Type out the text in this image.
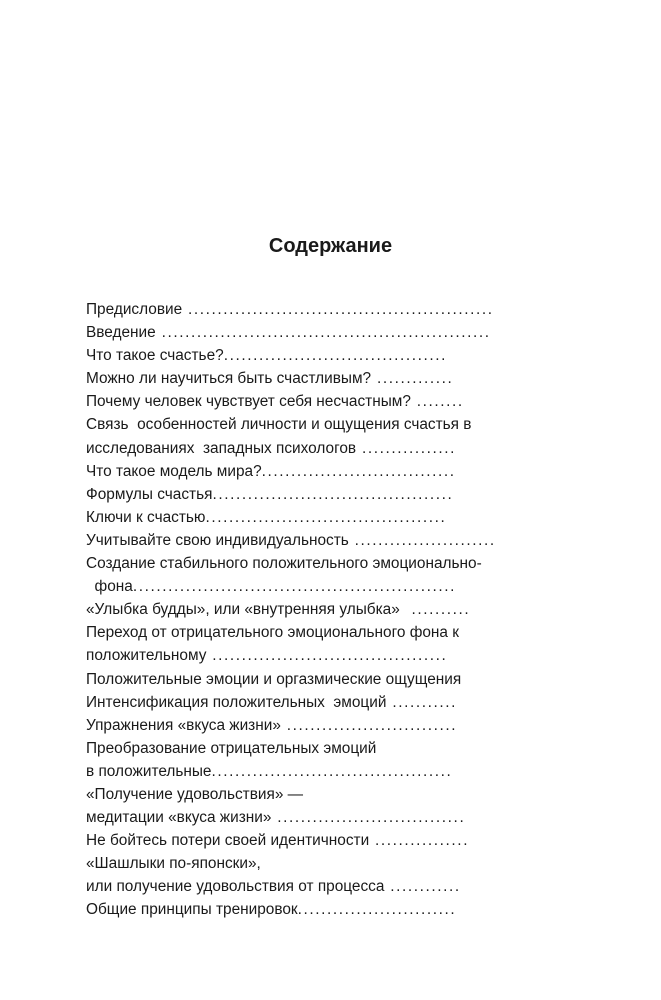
Содержание
Предисловие ....................................................
Введение ........................................................
Что такое счастье?......................................
Можно ли научиться быть счастливым? .............
Почему человек чувствует себя несчастным? ........
Связь  особенностей личности и ощущения счастья в
исследованиях  западных психологов ................
Что такое модель мира?.................................
Формулы счастья.........................................
Ключи к счастью.........................................
Учитывайте свою индивидуальность ........................
Создание стабильного положительного эмоционально-
фона.......................................................
«Улыбка будды», или «внутренняя улыбка»  ..........
Переход от отрицательного эмоционального фона к
положительному ........................................
Положительные эмоции и оргазмические ощущения
Интенсификация положительных  эмоций ...........
Упражнения «вкуса жизни» .............................
Преобразование отрицательных эмоций
в положительные.........................................
«Получение удовольствия» —
медитации «вкуса жизни» ................................
Не бойтесь потери своей идентичности ................
«Шашлыки по-японски»,
или получение удовольствия от процесса ............
Общие принципы тренировок...........................
